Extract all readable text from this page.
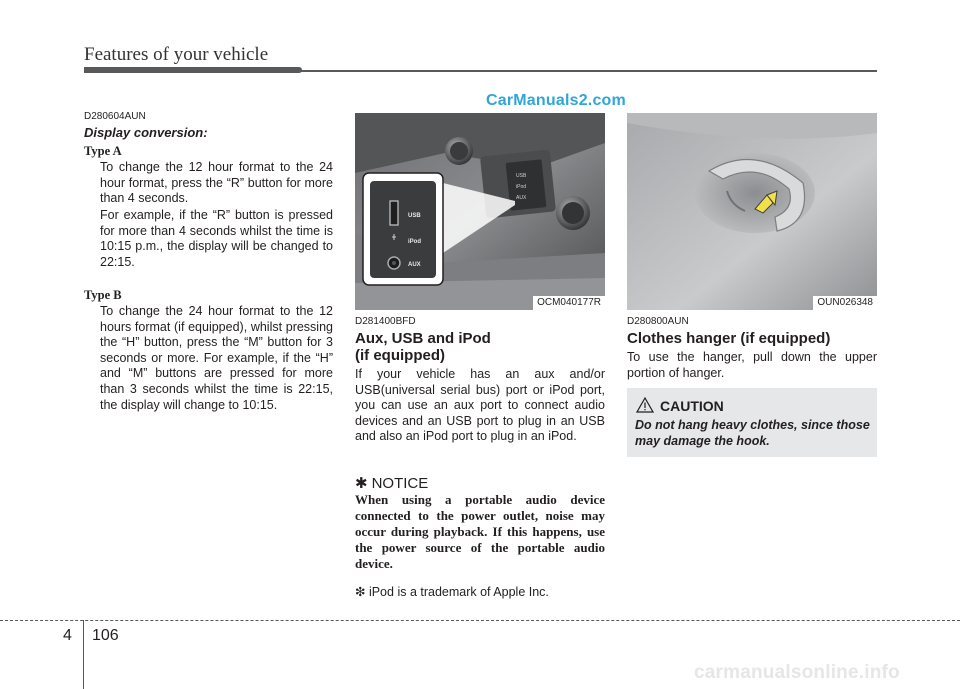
Features of your vehicle
CarManuals2.com
D280604AUN
Display conversion:
Type A
To change the 12 hour format to the 24 hour format, press the “R” button for more than 4 seconds.
For example, if the “R” button is pressed for more than 4 seconds whilst the time is 10:15 p.m., the display will be changed to 22:15.
Type B
To change the 24 hour format to the 12 hours format (if equipped), whilst pressing the “H” button, press the “M” button for 3 seconds or more. For example, if the “H” and “M” buttons are pressed for more than 3 seconds whilst the time is 22:15, the display will change to 10:15.
USB
iPod
AUX
USB
iPod
AUX
OCM040177R
D281400BFD
Aux, USB and iPod
(if equipped)
If your vehicle has an aux and/or USB(universal serial bus) port or iPod port, you can use an aux port to connect audio devices and an USB port to plug in an USB and also an iPod port to plug in an iPod.
✱ NOTICE
When using a portable audio device connected to the power outlet, noise may occur during playback. If this happens, use the power source of the portable audio device.
❇ iPod is a trademark of Apple Inc.
OUN026348
D280800AUN
Clothes hanger (if equipped)
To use the hanger, pull down the upper portion of hanger.
CAUTION
Do not hang heavy clothes, since those may damage the hook.
4 106
carmanualsonline.info
